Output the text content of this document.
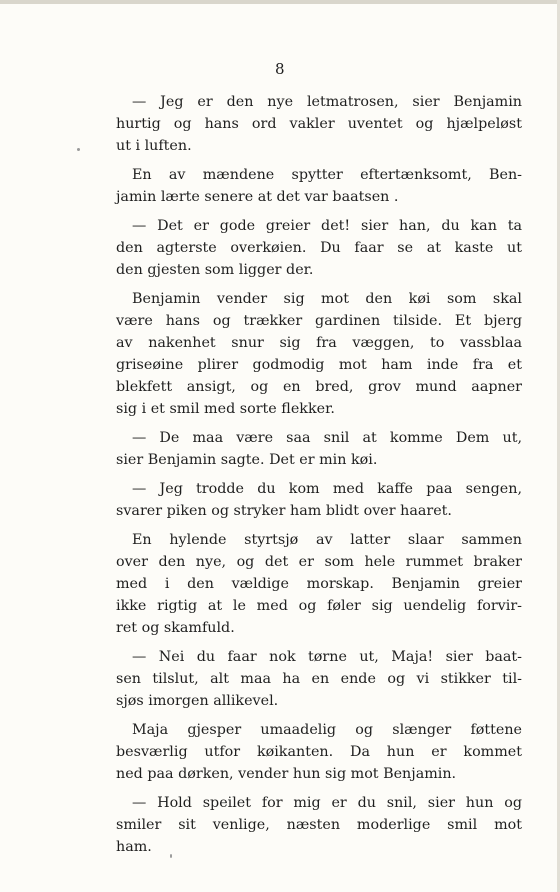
8

— Jeg er den nye letmatrosen, sier Benjamin
hurtig og hans ord vakler uventet og hjælpeløst
ut i luften.

En av mændene spytter eftertænksomt, Ben-
jamin lærte senere at det var baatsen .

— Det er gode greier det! sier han, du kan ta
den agterste overkøien. Du faar se at kaste ut
den gjesten som ligger der.

Benjamin vender sig mot den køi som skal
være hans og trækker gardinen tilside. Et bjerg
av nakenhet snur sig fra væggen, to vassblaa
griseøine plirer godmodig mot ham inde fra et
blekfett ansigt, og en bred, grov mund aapner
sig i et smil med sorte flekker.

— De maa være saa snil at komme Dem ut,
sier Benjamin sagte. Det er min køi.

— Jeg trodde du kom med kaffe paa sengen,
svarer piken og stryker ham blidt over haaret.

En hylende styrtsjø av latter slaar sammen
over den nye, og det er som hele rummet braker
med i den vældige morskap. Benjamin greier
ikke rigtig at le med og føler sig uendelig forvir-
ret og skamfuld.

— Nei du faar nok tørne ut, Maja! sier baat-
sen tilslut, alt maa ha en ende og vi stikker til-
sjøs imorgen allikevel.

Maja gjesper umaadelig og slænger føttene
besværlig utfor køikanten. Da hun er kommet
ned paa dørken, vender hun sig mot Benjamin.

— Hold speilet for mig er du snil, sier hun og
smiler sit venlige, næsten moderlige smil mot
ham.
